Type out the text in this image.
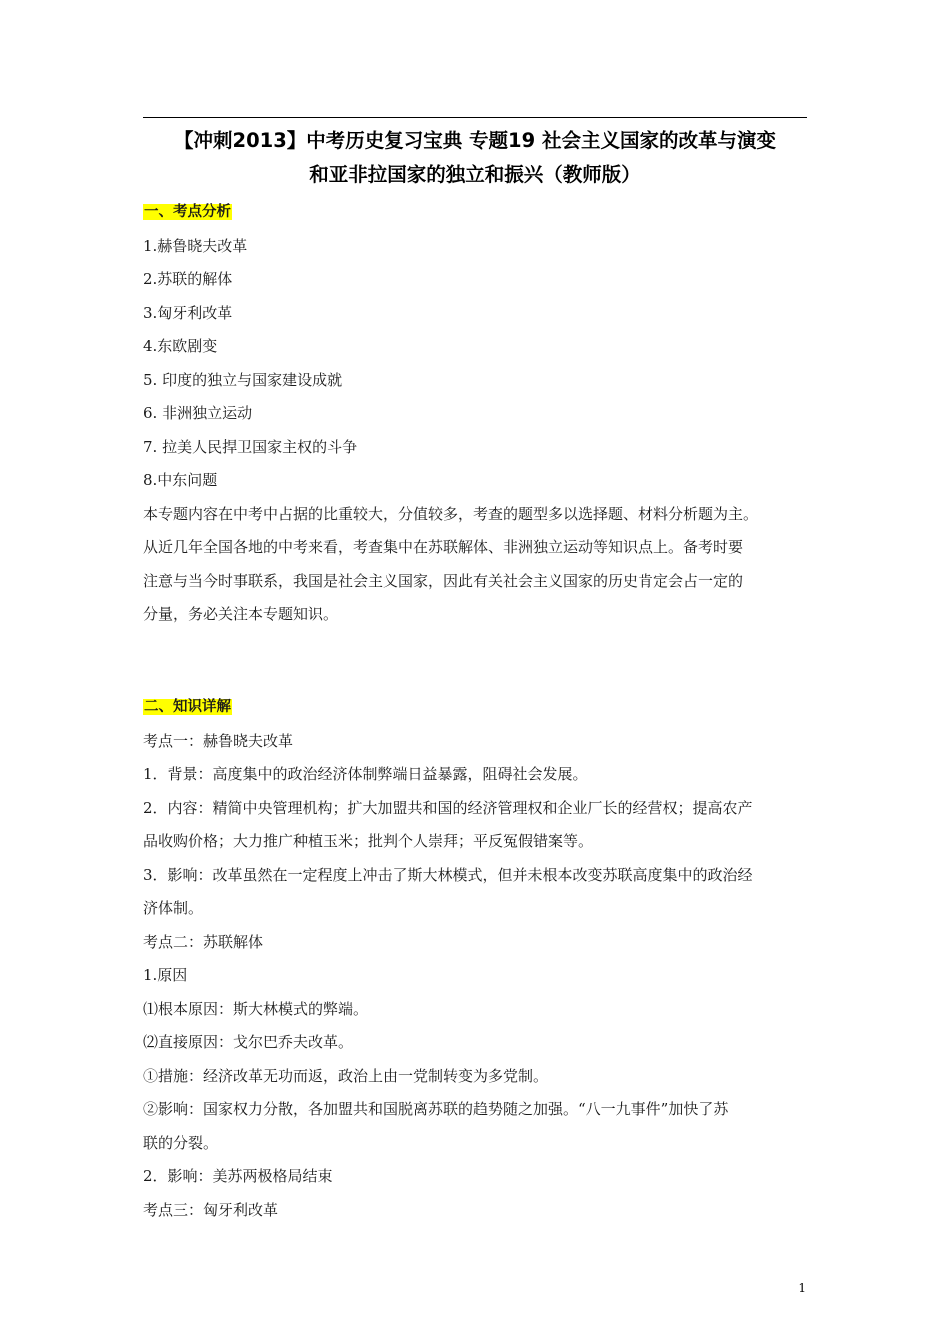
【冲刺2013】中考历史复习宝典 专题19 社会主义国家的改革与演变
和亚非拉国家的独立和振兴（教师版）
一、考点分析
1.赫鲁晓夫改革
2.苏联的解体
3.匈牙利改革
4.东欧剧变
5. 印度的独立与国家建设成就
6. 非洲独立运动
7. 拉美人民捍卫国家主权的斗争
8.中东问题
本专题内容在中考中占据的比重较大，分值较多，考查的题型多以选择题、材料分析题为主。
从近几年全国各地的中考来看，考查集中在苏联解体、非洲独立运动等知识点上。备考时要
注意与当今时事联系，我国是社会主义国家，因此有关社会主义国家的历史肯定会占一定的
分量，务必关注本专题知识。
二、知识详解
考点一：赫鲁晓夫改革
1．背景：高度集中的政治经济体制弊端日益暴露，阻碍社会发展。
2．内容：精简中央管理机构；扩大加盟共和国的经济管理权和企业厂长的经营权；提高农产
品收购价格；大力推广种植玉米；批判个人崇拜；平反冤假错案等。
3．影响：改革虽然在一定程度上冲击了斯大林模式，但并未根本改变苏联高度集中的政治经
济体制。
考点二：苏联解体
1.原因
⑴根本原因：斯大林模式的弊端。
⑵直接原因：戈尔巴乔夫改革。
①措施：经济改革无功而返，政治上由一党制转变为多党制。
②影响：国家权力分散，各加盟共和国脱离苏联的趋势随之加强。“八一九事件”加快了苏
联的分裂。
2．影响：美苏两极格局结束
考点三：匈牙利改革
1
